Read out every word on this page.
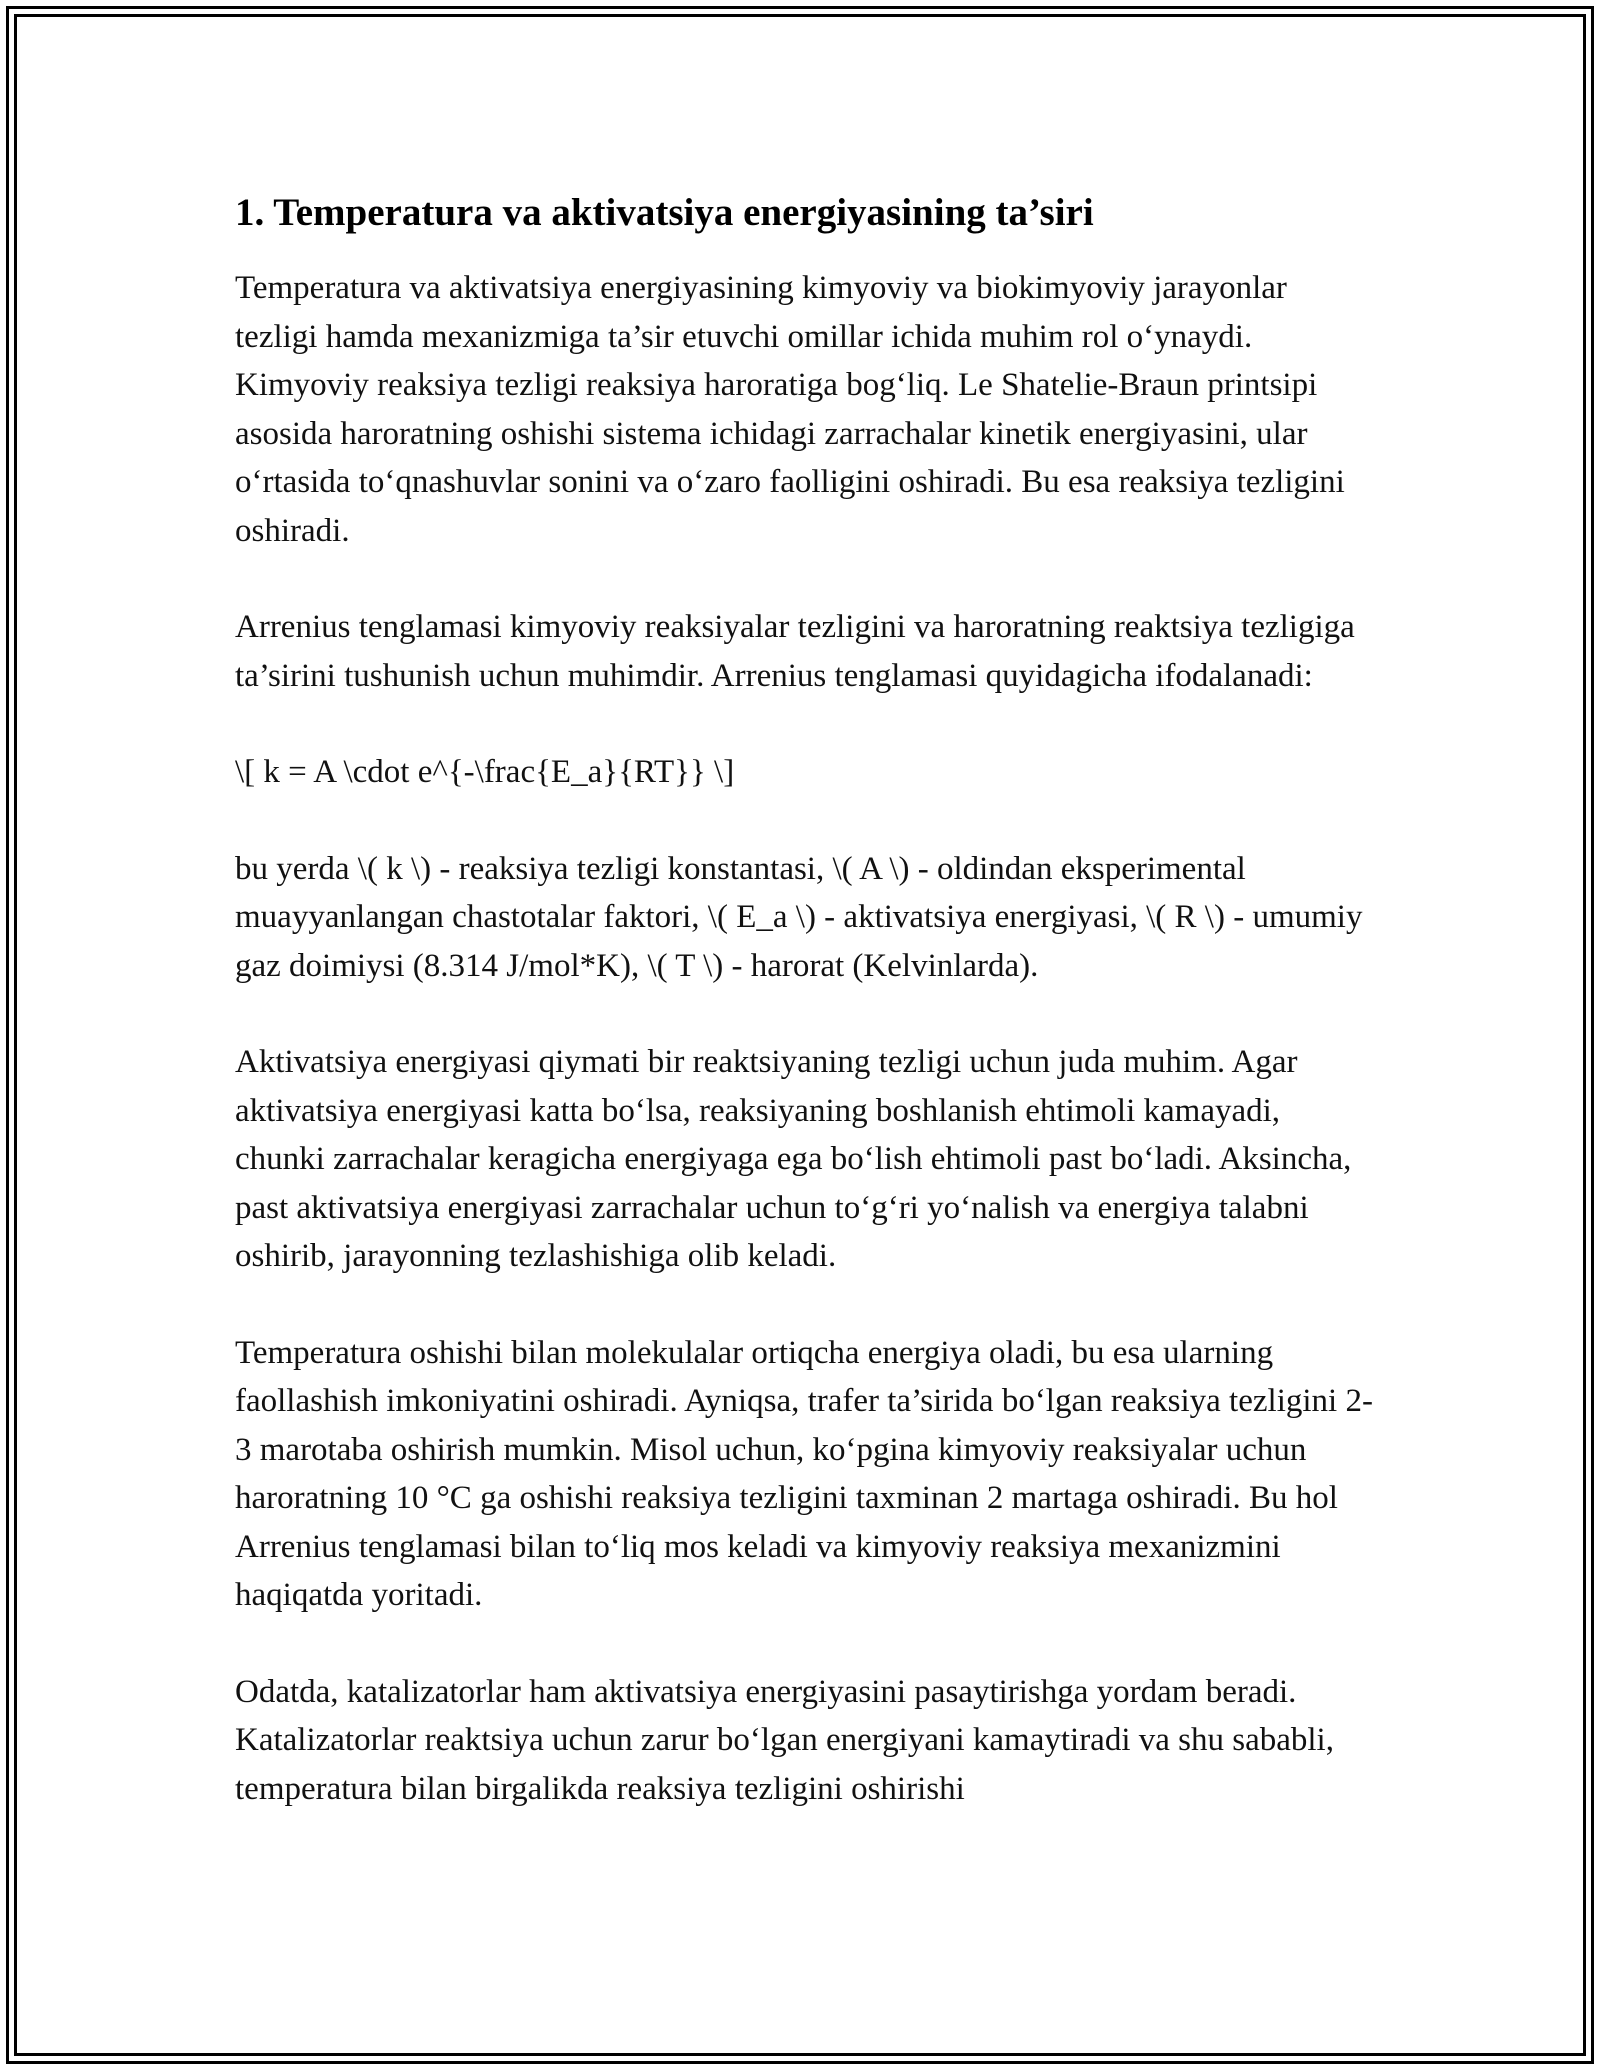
1. Temperatura va aktivatsiya energiyasining ta’siri

Temperatura va aktivatsiya energiyasining kimyoviy va biokimyoviy jarayonlar tezligi hamda mexanizmiga ta’sir etuvchi omillar ichida muhim rol o‘ynaydi. Kimyoviy reaksiya tezligi reaksiya haroratiga bog‘liq. Le Shatelie-Braun printsipi asosida haroratning oshishi sistema ichidagi zarrachalar kinetik energiyasini, ular o‘rtasida to‘qnashuvlar sonini va o‘zaro faolligini oshiradi. Bu esa reaksiya tezligini oshiradi.

Arrenius tenglamasi kimyoviy reaksiyalar tezligini va haroratning reaktsiya tezligiga ta’sirini tushunish uchun muhimdir. Arrenius tenglamasi quyidagicha ifodalanadi:

\[ k = A \cdot e^{-\frac{E_a}{RT}} \]

bu yerda \( k \) - reaksiya tezligi konstantasi, \( A \) - oldindan eksperimental muayyanlangan chastotalar faktori, \( E_a \) - aktivatsiya energiyasi, \( R \) - umumiy gaz doimiysi (8.314 J/mol*K), \( T \) - harorat (Kelvinlarda).

Aktivatsiya energiyasi qiymati bir reaktsiyaning tezligi uchun juda muhim. Agar aktivatsiya energiyasi katta bo‘lsa, reaksiyaning boshlanish ehtimoli kamayadi, chunki zarrachalar keragicha energiyaga ega bo‘lish ehtimoli past bo‘ladi. Aksincha, past aktivatsiya energiyasi zarrachalar uchun to‘g‘ri yo‘nalish va energiya talabni oshirib, jarayonning tezlashishiga olib keladi.

Temperatura oshishi bilan molekulalar ortiqcha energiya oladi, bu esa ularning faollashish imkoniyatini oshiradi. Ayniqsa, trafer ta’sirida bo‘lgan reaksiya tezligini 2-3 marotaba oshirish mumkin. Misol uchun, ko‘pgina kimyoviy reaksiyalar uchun haroratning 10 °C ga oshishi reaksiya tezligini taxminan 2 martaga oshiradi. Bu hol Arrenius tenglamasi bilan to‘liq mos keladi va kimyoviy reaksiya mexanizmini haqiqatda yoritadi.

Odatda, katalizatorlar ham aktivatsiya energiyasini pasaytirishga yordam beradi. Katalizatorlar reaktsiya uchun zarur bo‘lgan energiyani kamaytiradi va shu sababli, temperatura bilan birgalikda reaksiya tezligini oshirishi
